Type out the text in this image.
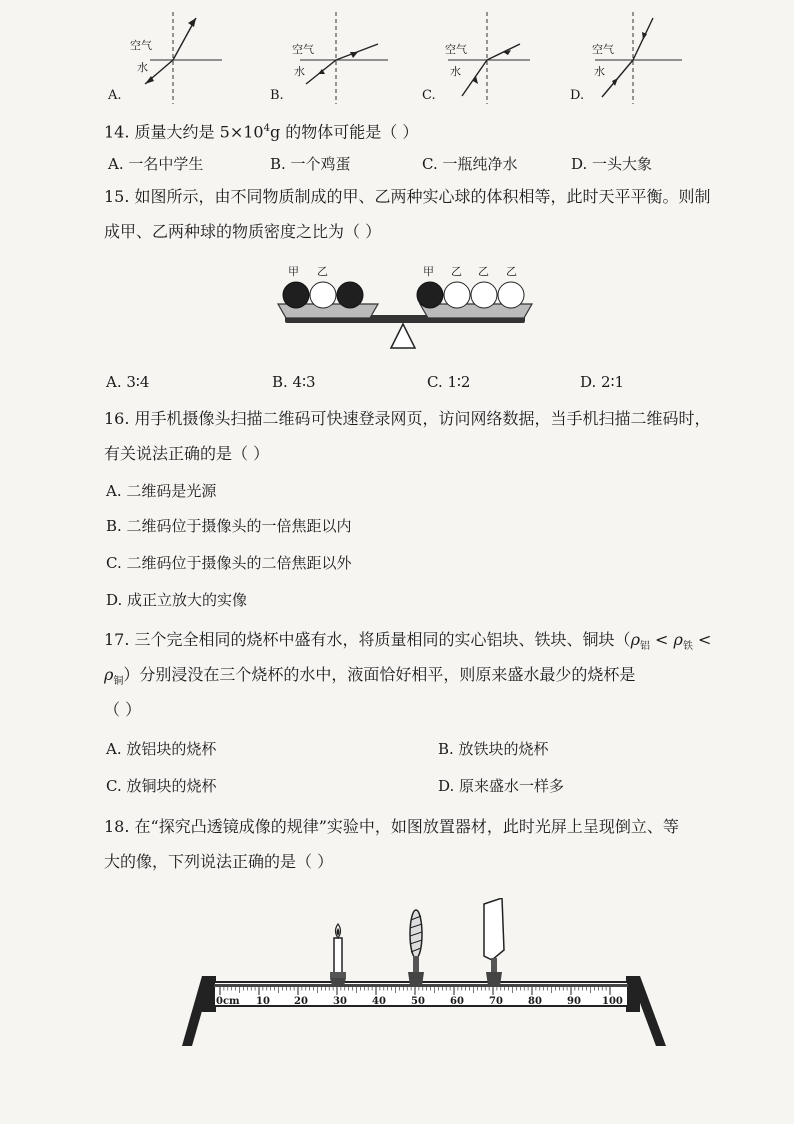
空气
水
A.
空气
水
B.
空气
水
C.
空气
水
D.
14. 质量大约是 $5\times 10^4g$ 的物体可能是（ ）
A. 一名中学生	B. 一个鸡蛋	C. 一瓶纯净水	D. 一头大象
15. 如图所示，由不同物质制成的甲、乙两种实心球的体积相等，此时天平平衡。则制
成甲、乙两种球的物质密度之比为（ ）
甲 乙	甲 乙 乙 乙
A. 3∶4	B. 4∶3	C. 1∶2	D. 2∶1
16. 用手机摄像头扫描二维码可快速登录网页，访问网络数据，当手机扫描二维码时，
有关说法正确的是（ ）
A. 二维码是光源
B. 二维码位于摄像头的一倍焦距以内
C. 二维码位于摄像头的二倍焦距以外
D. 成正立放大的实像
17. 三个完全相同的烧杯中盛有水，将质量相同的实心铝块、铁块、铜块（$\rho_铝 < \rho_铁$ <
$\rho_铜$）分别浸没在三个烧杯的水中，液面恰好相平，则原来盛水最少的烧杯是
（ ）
A. 放铝块的烧杯	B. 放铁块的烧杯
C. 放铜块的烧杯	D. 原来盛水一样多
18. 在“探究凸透镜成像的规律”实验中，如图放置器材，此时光屏上呈现倒立、等
大的像，下列说法正确的是（ ）
0cm 10 20	30	40	50	60	70	80	90 100
